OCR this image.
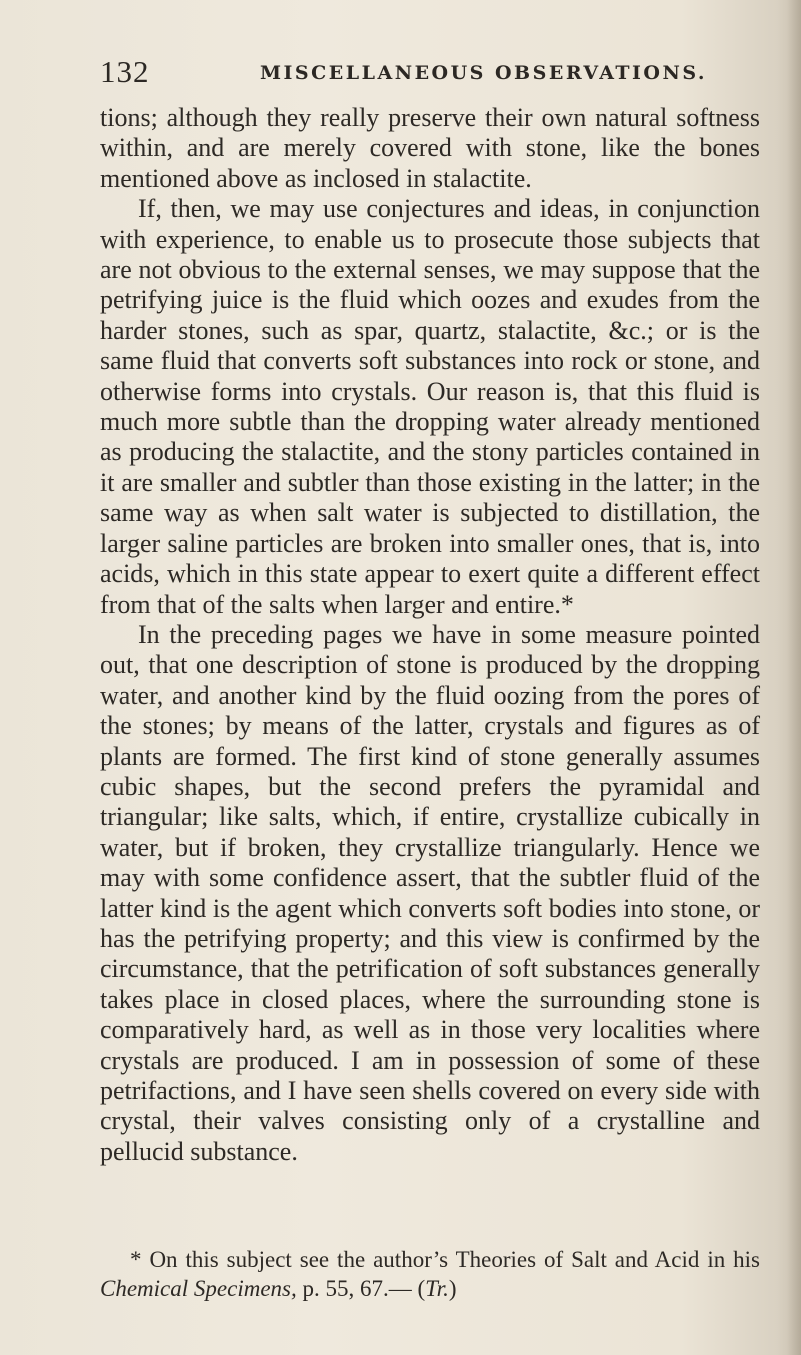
132	MISCELLANEOUS OBSERVATIONS.

tions; although they really preserve their own natural softness within, and are merely covered with stone, like the bones mentioned above as inclosed in stalactite.

If, then, we may use conjectures and ideas, in conjunction with experience, to enable us to prosecute those subjects that are not obvious to the external senses, we may suppose that the petrifying juice is the fluid which oozes and exudes from the harder stones, such as spar, quartz, stalactite, &c.; or is the same fluid that converts soft substances into rock or stone, and otherwise forms into crystals. Our reason is, that this fluid is much more subtle than the dropping water already mentioned as producing the stalactite, and the stony particles contained in it are smaller and subtler than those existing in the latter; in the same way as when salt water is subjected to distillation, the larger saline particles are broken into smaller ones, that is, into acids, which in this state appear to exert quite a different effect from that of the salts when larger and entire.*

In the preceding pages we have in some measure pointed out, that one description of stone is produced by the dropping water, and another kind by the fluid oozing from the pores of the stones; by means of the latter, crystals and figures as of plants are formed. The first kind of stone generally assumes cubic shapes, but the second prefers the pyramidal and triangular; like salts, which, if entire, crystallize cubically in water, but if broken, they crystallize triangularly. Hence we may with some confidence assert, that the subtler fluid of the latter kind is the agent which converts soft bodies into stone, or has the petrifying property; and this view is confirmed by the circumstance, that the petrification of soft substances generally takes place in closed places, where the surrounding stone is comparatively hard, as well as in those very localities where crystals are produced. I am in possession of some of these petrifactions, and I have seen shells covered on every side with crystal, their valves consisting only of a crystalline and pellucid substance.

* On this subject see the author’s Theories of Salt and Acid in his Chemical Specimens, p. 55, 67.— (Tr.)
